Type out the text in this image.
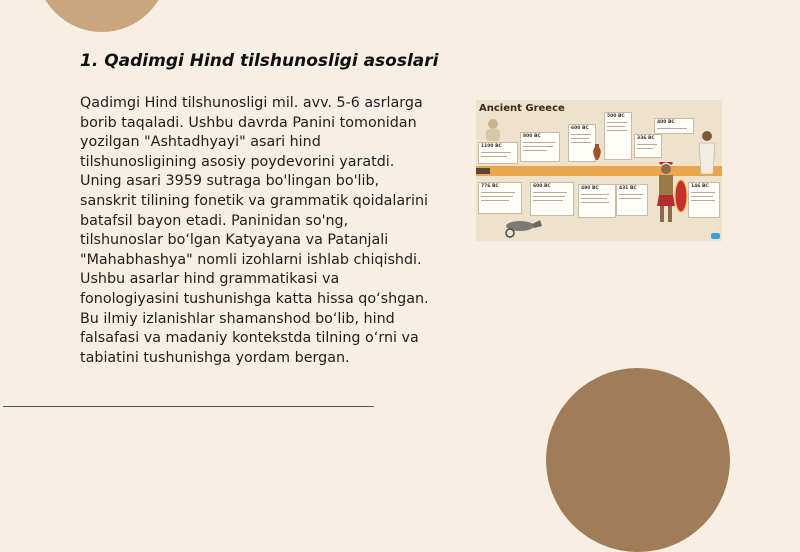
1. Qadimgi Hind tilshunosligi asoslari

Qadimgi Hind tilshunosligi mil. avv. 5-6 asrlarga borib taqaladi. Ushbu davrda Panini tomonidan yozilgan "Ashtadhyayi" asari hind tilshunosligining asosiy poydevorini yaratdi. Uning asari 3959 sutraga bo'lingan bo'lib, sanskrit tilining fonetik va grammatik qoidalarini batafsil bayon etadi. Paninidan so'ng, tilshunoslar bo‘lgan Katyayana va Patanjali "Mahabhashya" nomli izohlarni ishlab chiqishdi. Ushbu asarlar hind grammatikasi va fonologiyasini tushunishga katta hissa qo‘shgan. Bu ilmiy izlanishlar shamanshod bo‘lib, hind falsafasi va madaniy kontekstda tilning o‘rni va tabiatini tushunishga yordam bergan.

Ancient Greece
1100 BC
800 BC
600 BC
500 BC
400 BC
336 BC
776 BC	600 BC	490 BC	431 BC	146 BC
